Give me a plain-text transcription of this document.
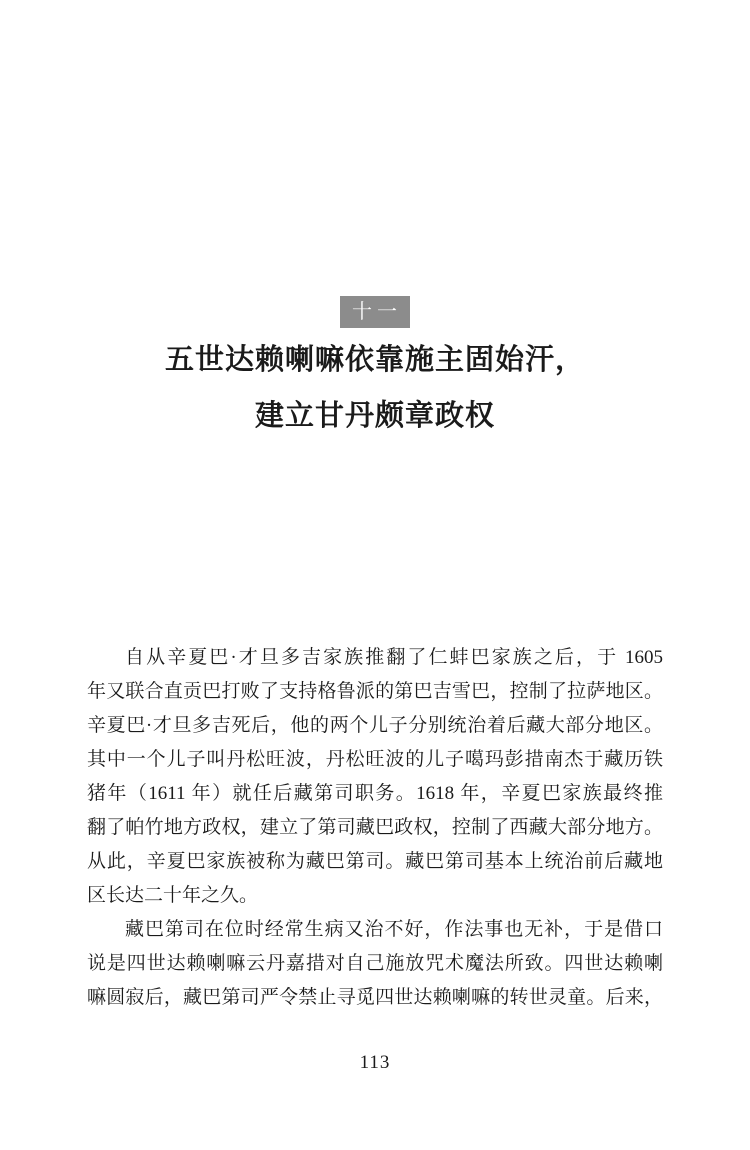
十一
五世达赖喇嘛依靠施主固始汗，
建立甘丹颇章政权
自从辛夏巴·才旦多吉家族推翻了仁蚌巴家族之后，于 1605
年又联合直贡巴打败了支持格鲁派的第巴吉雪巴，控制了拉萨地区。
辛夏巴·才旦多吉死后，他的两个儿子分别统治着后藏大部分地区。
其中一个儿子叫丹松旺波，丹松旺波的儿子噶玛彭措南杰于藏历铁
猪年（1611 年）就任后藏第司职务。1618 年，辛夏巴家族最终推
翻了帕竹地方政权，建立了第司藏巴政权，控制了西藏大部分地方。
从此，辛夏巴家族被称为藏巴第司。藏巴第司基本上统治前后藏地
区长达二十年之久。
藏巴第司在位时经常生病又治不好，作法事也无补，于是借口
说是四世达赖喇嘛云丹嘉措对自己施放咒术魔法所致。四世达赖喇
嘛圆寂后，藏巴第司严令禁止寻觅四世达赖喇嘛的转世灵童。后来，
113
